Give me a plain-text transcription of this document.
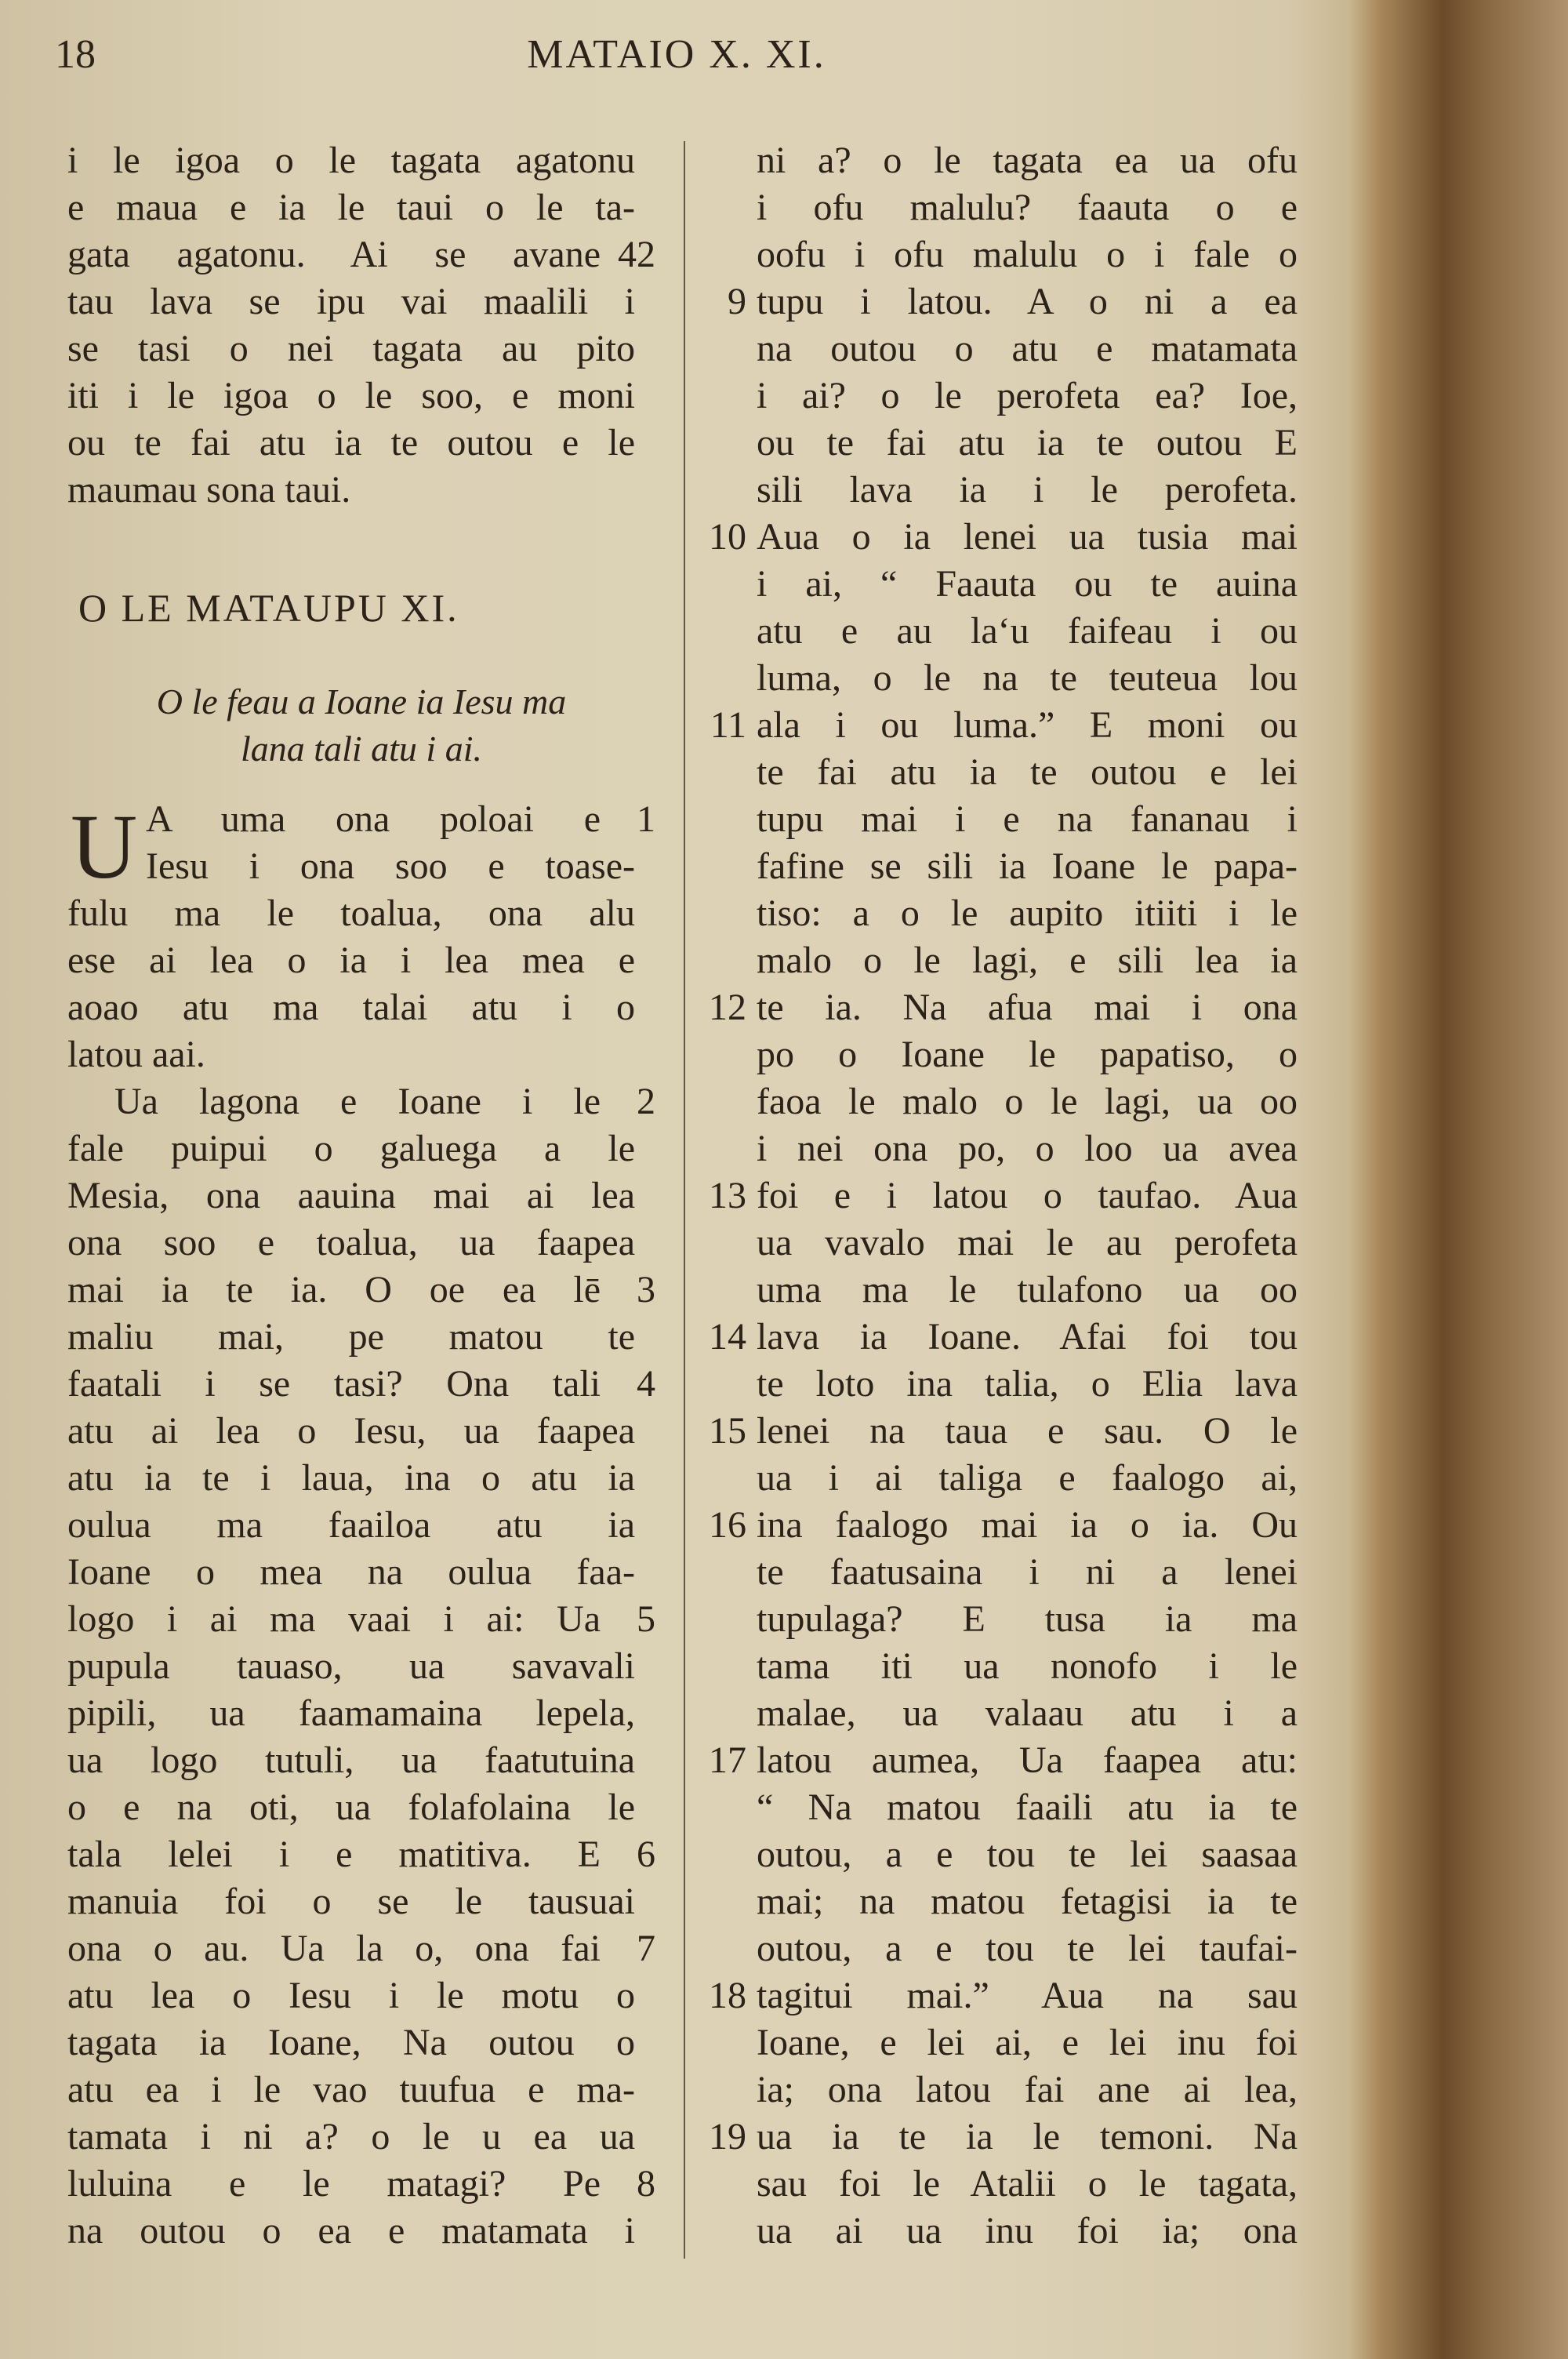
18	MATAIO X. XI.
i le igoa o le tagata agatonu
e maua e ia le taui o le ta-
gata agatonu. Ai se avane 42
tau lava se ipu vai maalili i
se tasi o nei tagata au pito
iti i le igoa o le soo, e moni
ou te fai atu ia te outou e le
maumau sona taui.
O LE MATAUPU XI.
O le feau a Ioane ia Iesu ma
lana tali atu i ai.
U A uma ona poloai e 1
Iesu i ona soo e toase-
fulu ma le toalua, ona alu
ese ai lea o ia i lea mea e
aoao atu ma talai atu i o
latou aai.
Ua lagona e Ioane i le 2
fale puipui o galuega a le
Mesia, ona aauina mai ai lea
ona soo e toalua, ua faapea
mai ia te ia. O oe ea lē 3
maliu mai, pe matou te
faatali i se tasi? Ona tali 4
atu ai lea o Iesu, ua faapea
atu ia te i laua, ina o atu ia
oulua ma faailoa atu ia
Ioane o mea na oulua faa-
logo i ai ma vaai i ai: Ua 5
pupula tauaso, ua savavali
pipili, ua faamamaina lepela,
ua logo tutuli, ua faatutuina
o e na oti, ua folafolaina le
tala lelei i e matitiva. E 6
manuia foi o se le tausuai
ona o au. Ua la o, ona fai 7
atu lea o Iesu i le motu o
tagata ia Ioane, Na outou o
atu ea i le vao tuufua e ma-
tamata i ni a? o le u ea ua
luluina e le matagi? Pe 8
na outou o ea e matamata i
ni a? o le tagata ea ua ofu
i ofu malulu? faauta o e
oofu i ofu malulu o i fale o
9 tupu i latou. A o ni a ea
na outou o atu e matamata
i ai? o le perofeta ea? Ioe,
ou te fai atu ia te outou E
sili lava ia i le perofeta.
10 Aua o ia lenei ua tusia mai
i ai, “ Faauta ou te auina
atu e au la‘u faifeau i ou
luma, o le na te teuteua lou
11 ala i ou luma.” E moni ou
te fai atu ia te outou e lei
tupu mai i e na fananau i
fafine se sili ia Ioane le papa-
tiso: a o le aupito itiiti i le
malo o le lagi, e sili lea ia
12 te ia. Na afua mai i ona
po o Ioane le papatiso, o
faoa le malo o le lagi, ua oo
i nei ona po, o loo ua avea
13 foi e i latou o taufao. Aua
ua vavalo mai le au perofeta
uma ma le tulafono ua oo
14 lava ia Ioane. Afai foi tou
te loto ina talia, o Elia lava
15 lenei na taua e sau. O le
ua i ai taliga e faalogo ai,
16 ina faalogo mai ia o ia. Ou
te faatusaina i ni a lenei
tupulaga? E tusa ia ma
tama iti ua nonofo i le
malae, ua valaau atu i a
17 latou aumea, Ua faapea atu:
“ Na matou faaili atu ia te
outou, a e tou te lei saasaa
mai; na matou fetagisi ia te
outou, a e tou te lei taufai-
18 tagitui mai.” Aua na sau
Ioane, e lei ai, e lei inu foi
ia; ona latou fai ane ai lea,
19 ua ia te ia le temoni. Na
sau foi le Atalii o le tagata,
ua ai ua inu foi ia; ona
